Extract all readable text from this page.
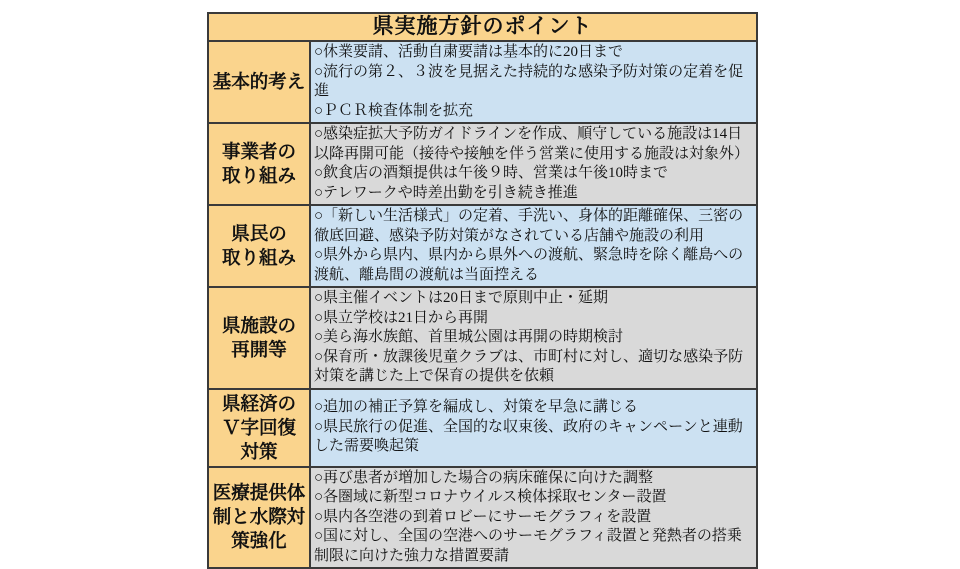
県実施方針のポイント
基本的考え
○休業要請、活動自粛要請は基本的に20日まで
○流行の第２、３波を見据えた持続的な感染予防対策の定着を促進
○ＰＣＲ検査体制を拡充
事業者の
取り組み
○感染症拡大予防ガイドラインを作成、順守している施設は14日以降再開可能（接待や接触を伴う営業に使用する施設は対象外）
○飲食店の酒類提供は午後９時、営業は午後10時まで
○テレワークや時差出勤を引き続き推進
県民の
取り組み
○「新しい生活様式」の定着、手洗い、身体的距離確保、三密の徹底回避、感染予防対策がなされている店舗や施設の利用
○県外から県内、県内から県外への渡航、緊急時を除く離島への渡航、離島間の渡航は当面控える
県施設の
再開等
○県主催イベントは20日まで原則中止・延期
○県立学校は21日から再開
○美ら海水族館、首里城公園は再開の時期検討
○保育所・放課後児童クラブは、市町村に対し、適切な感染予防対策を講じた上で保育の提供を依頼
県経済の
Ｖ字回復
対策
○追加の補正予算を編成し、対策を早急に講じる
○県民旅行の促進、全国的な収束後、政府のキャンペーンと連動した需要喚起策
医療提供体
制と水際対
策強化
○再び患者が増加した場合の病床確保に向けた調整
○各圏域に新型コロナウイルス検体採取センター設置
○県内各空港の到着ロビーにサーモグラフィを設置
○国に対し、全国の空港へのサーモグラフィ設置と発熱者の搭乗制限に向けた強力な措置要請
